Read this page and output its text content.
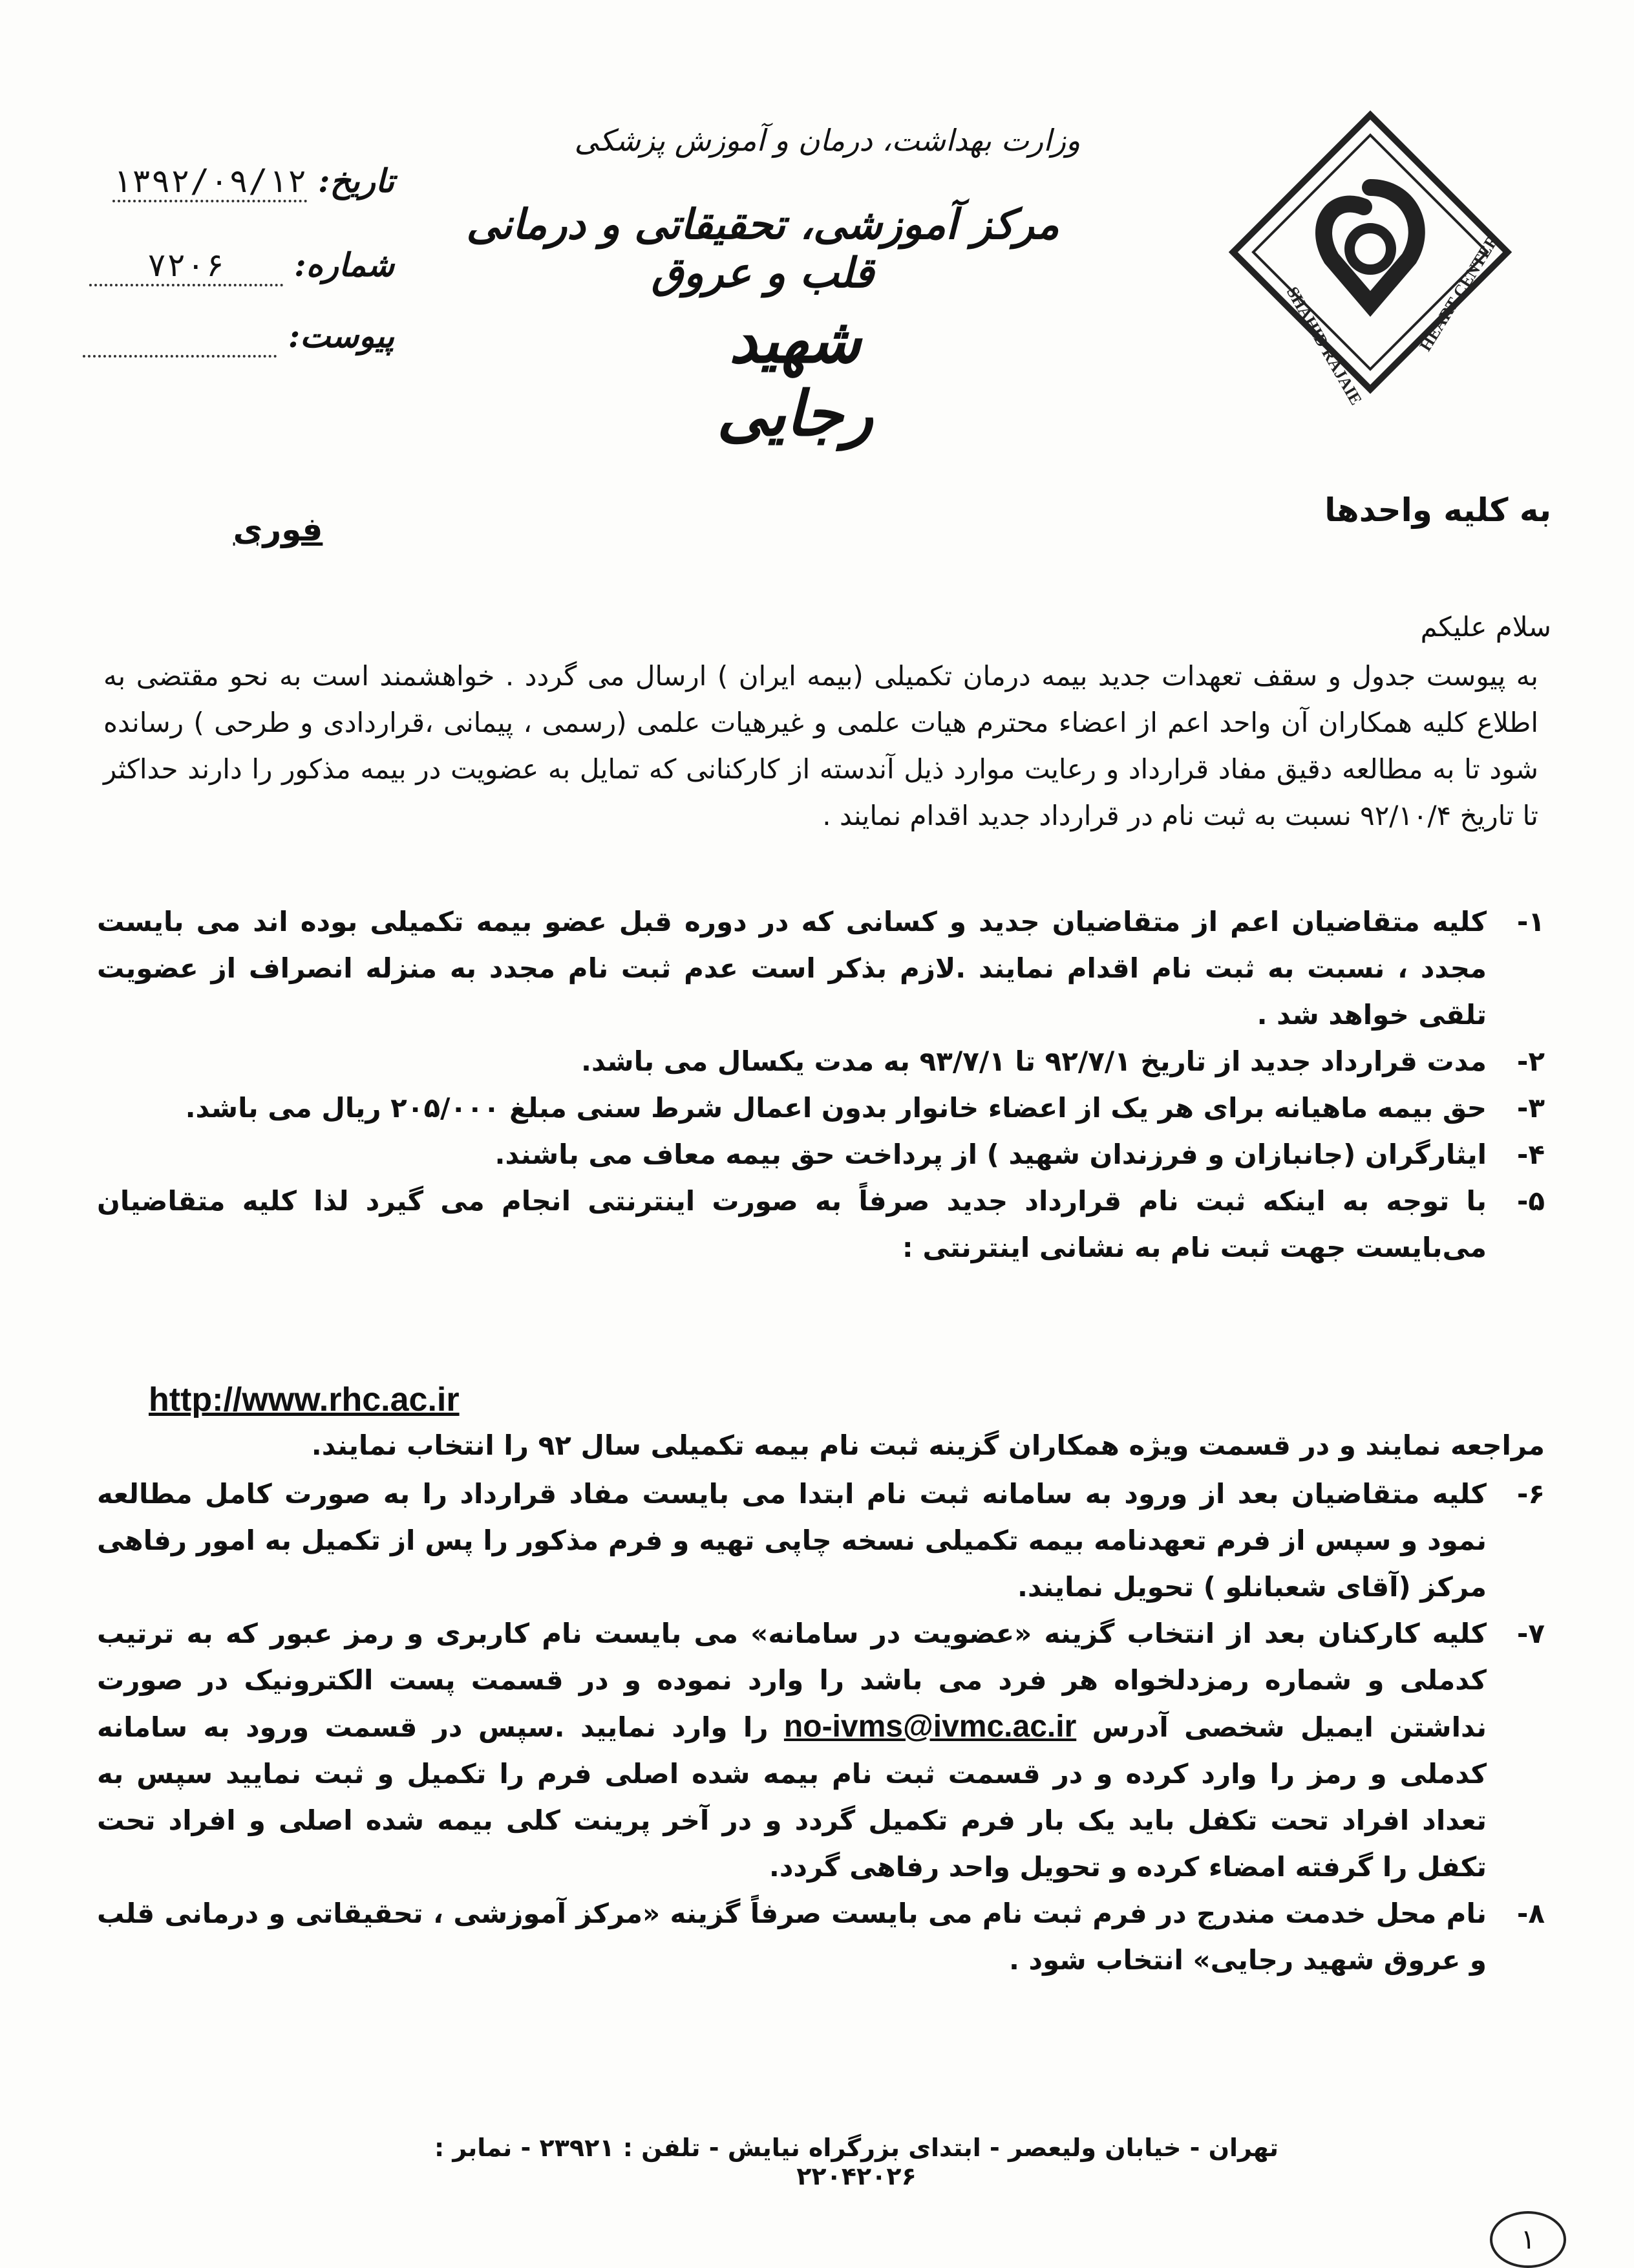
SHAHID RAJAIE	HEART CENTER
وزارت بهداشت، درمان و آموزش پزشکی
مرکز آموزشی، تحقیقاتی و درمانی قلب و عروق
شهید رجایی
تاریخ: ۱۳۹۲/۰۹/۱۲
شماره: ۷۲۰۶
پیوست:
به کلیه واحدها
فوری
سلام علیکم
به پیوست جدول و سقف تعهدات جدید بیمه درمان تکمیلی (بیمه ایران ) ارسال می گردد . خواهشمند است به نحو مقتضی به اطلاع کلیه همکاران آن واحد اعم از اعضاء محترم هیات علمی و غیرهیات علمی (رسمی ، پیمانی ،قراردادی و طرحی ) رسانده شود تا به مطالعه دقیق مفاد قرارداد و رعایت موارد ذیل آندسته از کارکنانی که تمایل به عضویت در بیمه مذکور را دارند حداکثر تا تاریخ ۹۲/۱۰/۴ نسبت به ثبت نام در قرارداد جدید اقدام نمایند .
۱-
کلیه متقاضیان اعم از متقاضیان جدید و کسانی که در دوره قبل عضو بیمه تکمیلی بوده اند می بایست مجدد ، نسبت به ثبت نام اقدام نمایند .لازم بذکر است عدم ثبت نام مجدد به منزله انصراف از عضویت تلقی خواهد شد .
۲-
مدت قرارداد جدید از تاریخ ۹۲/۷/۱ تا ۹۳/۷/۱ به مدت یکسال می باشد.
۳-
حق بیمه ماهیانه برای هر یک از اعضاء خانوار بدون اعمال شرط سنی مبلغ ۲۰۵/۰۰۰ ریال می باشد.
۴-
ایثارگران (جانبازان و فرزندان شهید ) از پرداخت حق بیمه معاف می باشند.
۵-
با توجه به اینکه ثبت نام قرارداد جدید صرفاً به صورت اینترنتی انجام می گیرد لذا کلیه متقاضیان می‌بایست جهت ثبت نام به نشانی اینترنتی :
http://www.rhc.ac.ir
مراجعه نمایند و در قسمت ویژه همکاران گزینه ثبت نام بیمه تکمیلی سال ۹۲ را انتخاب نمایند.
۶-
کلیه متقاضیان بعد از ورود به سامانه ثبت نام ابتدا می بایست مفاد قرارداد را به صورت کامل مطالعه نمود و سپس از فرم تعهدنامه بیمه تکمیلی نسخه چاپی تهیه و فرم مذکور را پس از تکمیل به امور رفاهی مرکز (آقای شعبانلو ) تحویل نمایند.
۷-
کلیه کارکنان بعد از انتخاب گزینه «عضویت در سامانه» می بایست نام کاربری و رمز عبور که به ترتیب کدملی و شماره رمزدلخواه هر فرد می باشد را وارد نموده و در قسمت پست الکترونیک در صورت نداشتن ایمیل شخصی آدرس no-ivms@ivmc.ac.ir را وارد نمایید .سپس در قسمت ورود به سامانه کدملی و رمز را وارد کرده و در قسمت ثبت نام بیمه شده اصلی فرم را تکمیل و ثبت نمایید سپس به تعداد افراد تحت تکفل باید یک بار فرم تکمیل گردد و در آخر پرینت کلی بیمه شده اصلی و افراد تحت تکفل را گرفته امضاء کرده و تحویل واحد رفاهی گردد.
۸-
نام محل خدمت مندرج در فرم ثبت نام می بایست صرفاً گزینه «مرکز آموزشی ، تحقیقاتی و درمانی قلب و عروق شهید رجایی» انتخاب شود .
تهران - خیابان ولیعصر - ابتدای بزرگراه نیایش - تلفن : ۲۳۹۲۱ - نمابر : ۲۲۰۴۲۰۲۶
۱
